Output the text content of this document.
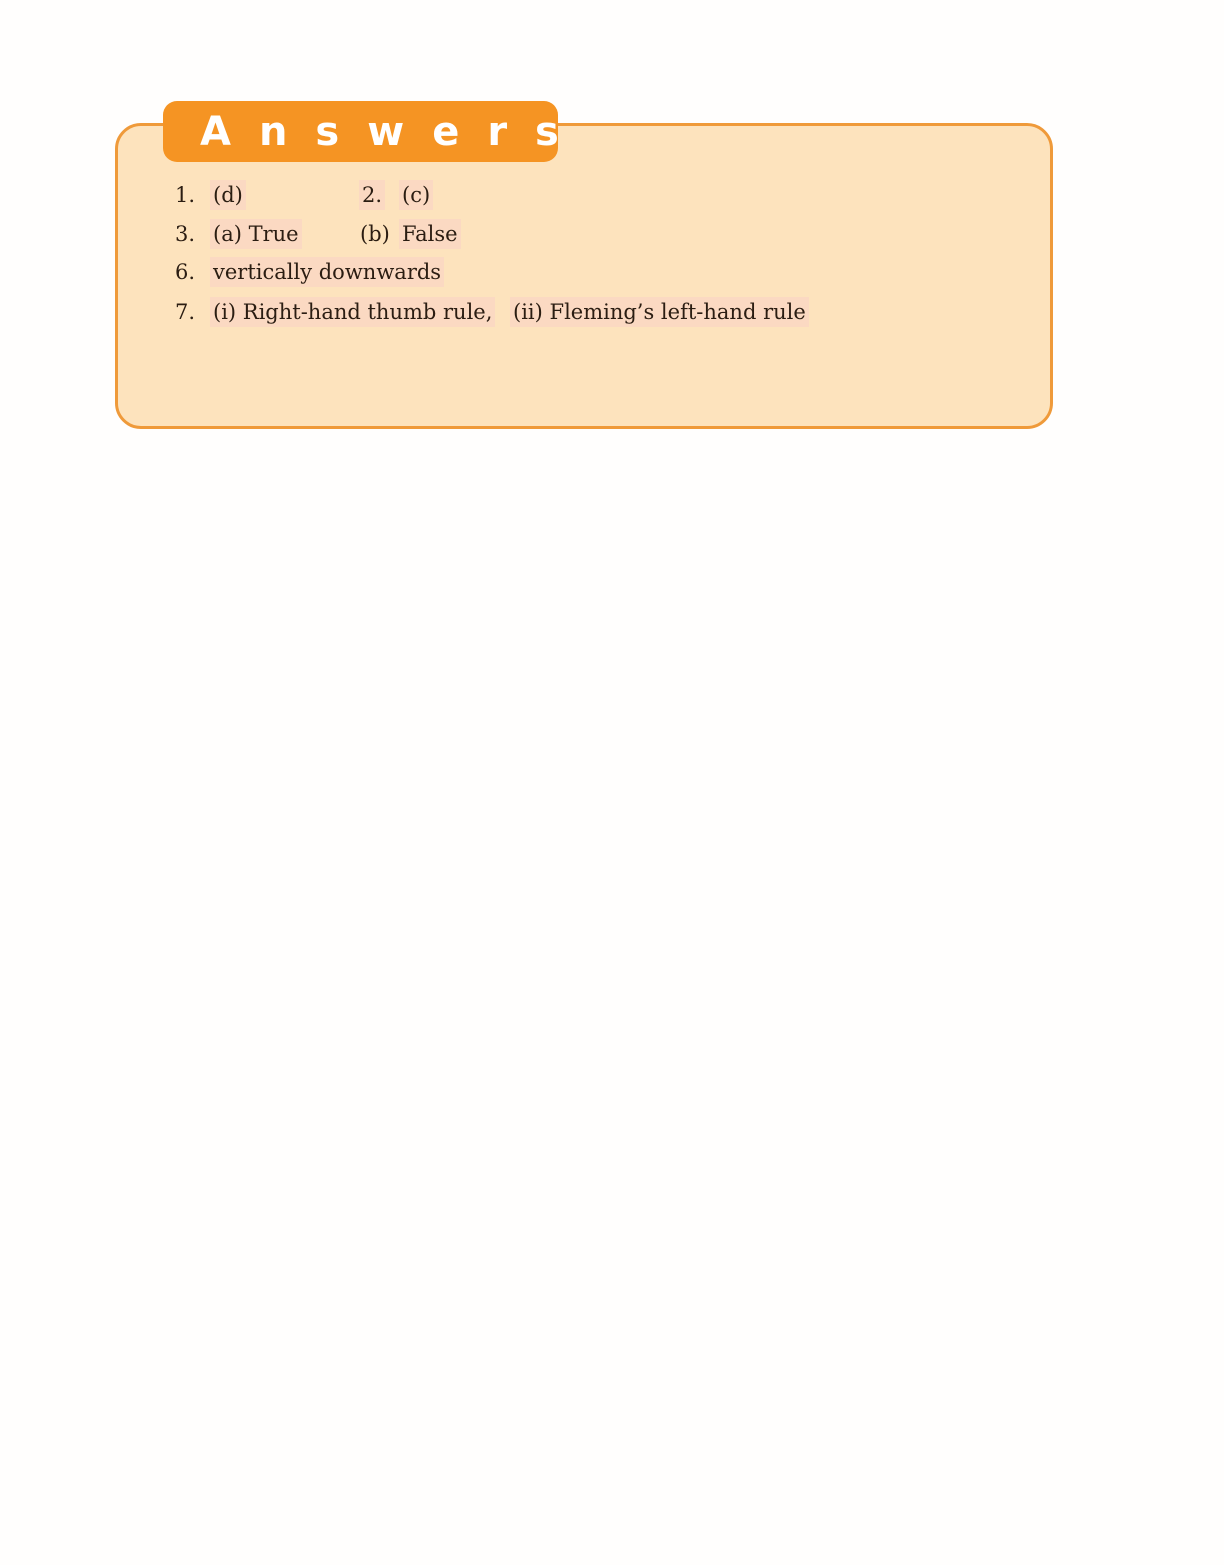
Answers
1. (d)	2. (c)
3. (a) True	(b) False
6. vertically downwards
7. (i) Right-hand thumb rule, (ii) Fleming’s left-hand rule
